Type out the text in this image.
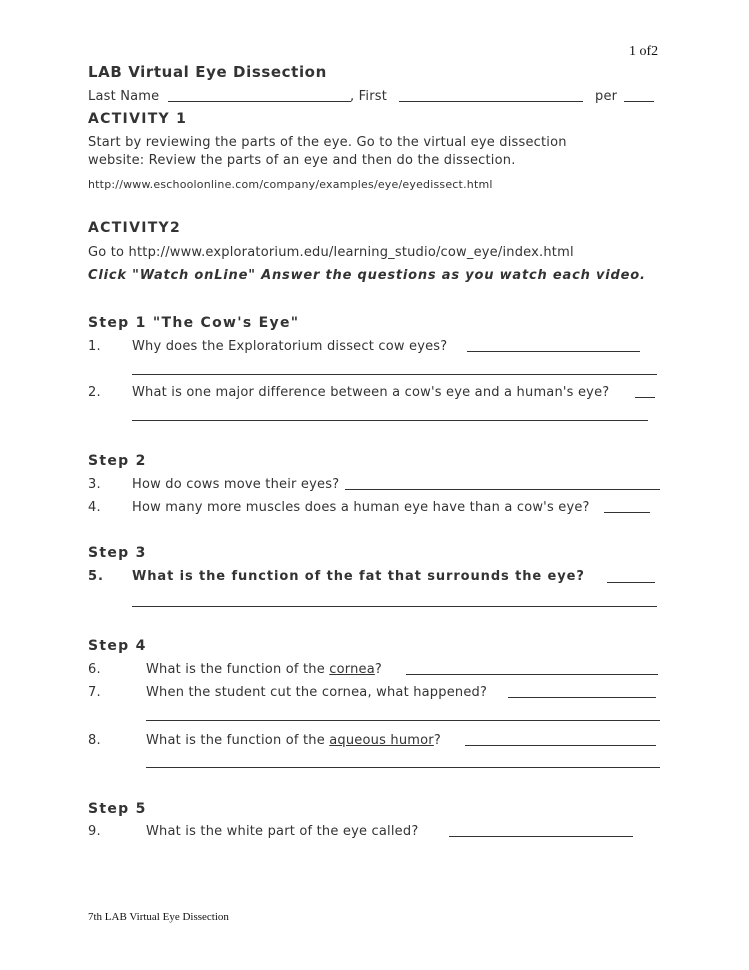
1 of2
LAB Virtual Eye Dissection
Last Name	, First	per
ACTIVITY 1
Start by reviewing the parts of the eye. Go to the virtual eye dissection
website: Review the parts of an eye and then do the dissection.
http://www.eschoolonline.com/company/examples/eye/eyedissect.html
ACTIVITY2
Go to http://www.exploratorium.edu/learning_studio/cow_eye/index.html
Click "Watch onLine" Answer the questions as you watch each video.
Step 1 "The Cow's Eye"
1. Why does the Exploratorium dissect cow eyes?
2. What is one major difference between a cow's eye and a human's eye?
Step 2
3. How do cows move their eyes?
4. How many more muscles does a human eye have than a cow's eye?
Step 3
5. What is the function of the fat that surrounds the eye?
Step 4
6.	What is the function of the cornea?
7.	When the student cut the cornea, what happened?
8.	What is the function of the aqueous humor?
Step 5
9.	What is the white part of the eye called?
7th LAB Virtual Eye Dissection
